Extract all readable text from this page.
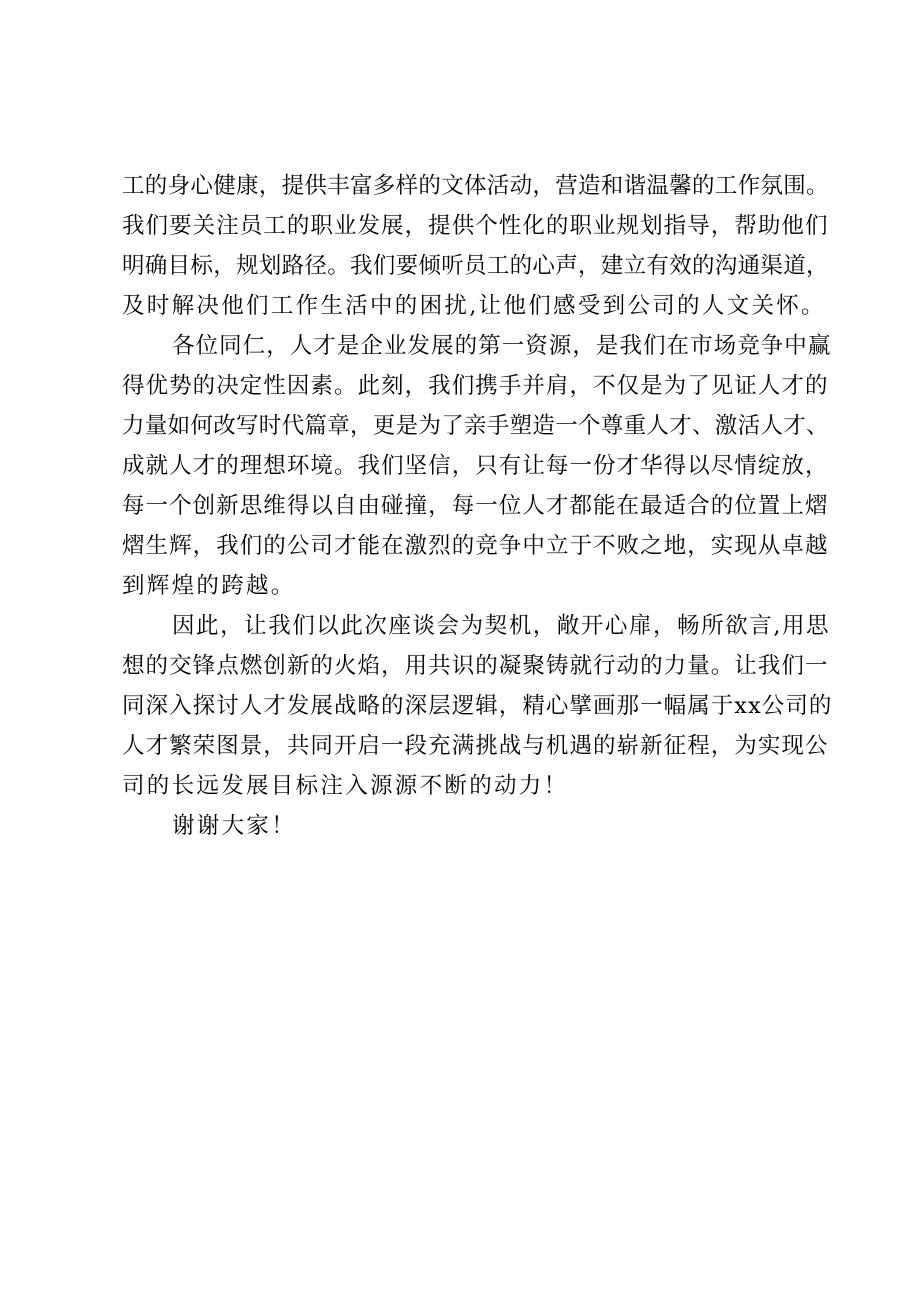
工的身心健康，提供丰富多样的文体活动，营造和谐温馨的工作氛围。
我们要关注员工的职业发展，提供个性化的职业规划指导，帮助他们
明确目标，规划路径。我们要倾听员工的心声，建立有效的沟通渠道，
及时解决他们工作生活中的困扰,让他们感受到公司的人文关怀。
各位同仁，人才是企业发展的第一资源，是我们在市场竞争中赢
得优势的决定性因素。此刻，我们携手并肩，不仅是为了见证人才的
力量如何改写时代篇章，更是为了亲手塑造一个尊重人才、激活人才、
成就人才的理想环境。我们坚信，只有让每一份才华得以尽情绽放，
每一个创新思维得以自由碰撞，每一位人才都能在最适合的位置上熠
熠生辉，我们的公司才能在激烈的竞争中立于不败之地，实现从卓越
到辉煌的跨越。
因此，让我们以此次座谈会为契机，敞开心扉，畅所欲言,用思
想的交锋点燃创新的火焰，用共识的凝聚铸就行动的力量。让我们一
同深入探讨人才发展战略的深层逻辑，精心擘画那一幅属于xx公司的
人才繁荣图景，共同开启一段充满挑战与机遇的崭新征程，为实现公
司的长远发展目标注入源源不断的动力！
谢谢大家！
